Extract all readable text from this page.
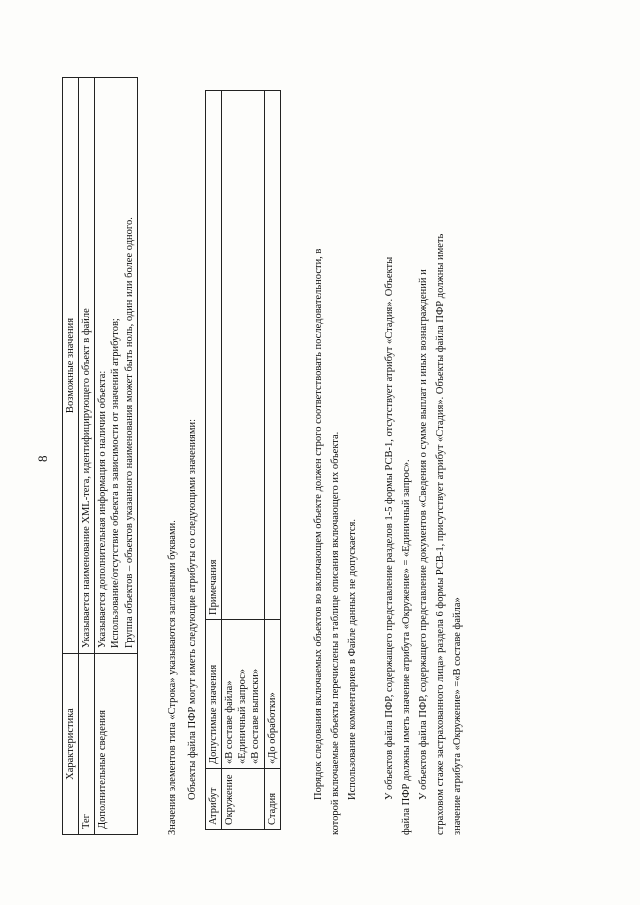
8
Характеристика	Возможные значения
Тег	Указывается наименование XML-тега, идентифицирующего объект в файле
Дополнительные сведения	Указывается дополнительная информация о наличии объекта: Использование/отсутствие объекта в зависимости от значений атрибутов; Группа объектов – объектов указанного наименования может быть ноль, один или более одного.

Значения элементов типа «Строка» указываются заглавными буквами. Объекты файла ПФР могут иметь следующие атрибуты со следующими значениями:

Атрибут	Допустимые значения	Примечания
Окружение	«В составе файла» «Единичный запрос» «В составе выписки»	

Стадия	«До обработки»	
		Порядок следования включаемых объектов во включающем объекте должен строго соответствовать последовательности, в которой включаемые объекты перечислены в таблице описания включающего их объекта. Использование комментариев в Файле данных не допускается. У объектов файла ПФР, содержащего представление разделов 1-5 формы РСВ-1, отсутствует атрибут «Стадия». Объекты файла ПФР должны иметь значение атрибута «Окружение» = «Единичный запрос». У объектов файла ПФР, содержащего представление документов «Сведения о сумме выплат и иных вознаграждений и страховом стаже застрахованного лица» раздела 6 формы РСВ-1, присутствует атрибут «Стадия». Объекты файла ПФР должны иметь значение атрибута «Окружение» =«В составе файла»
